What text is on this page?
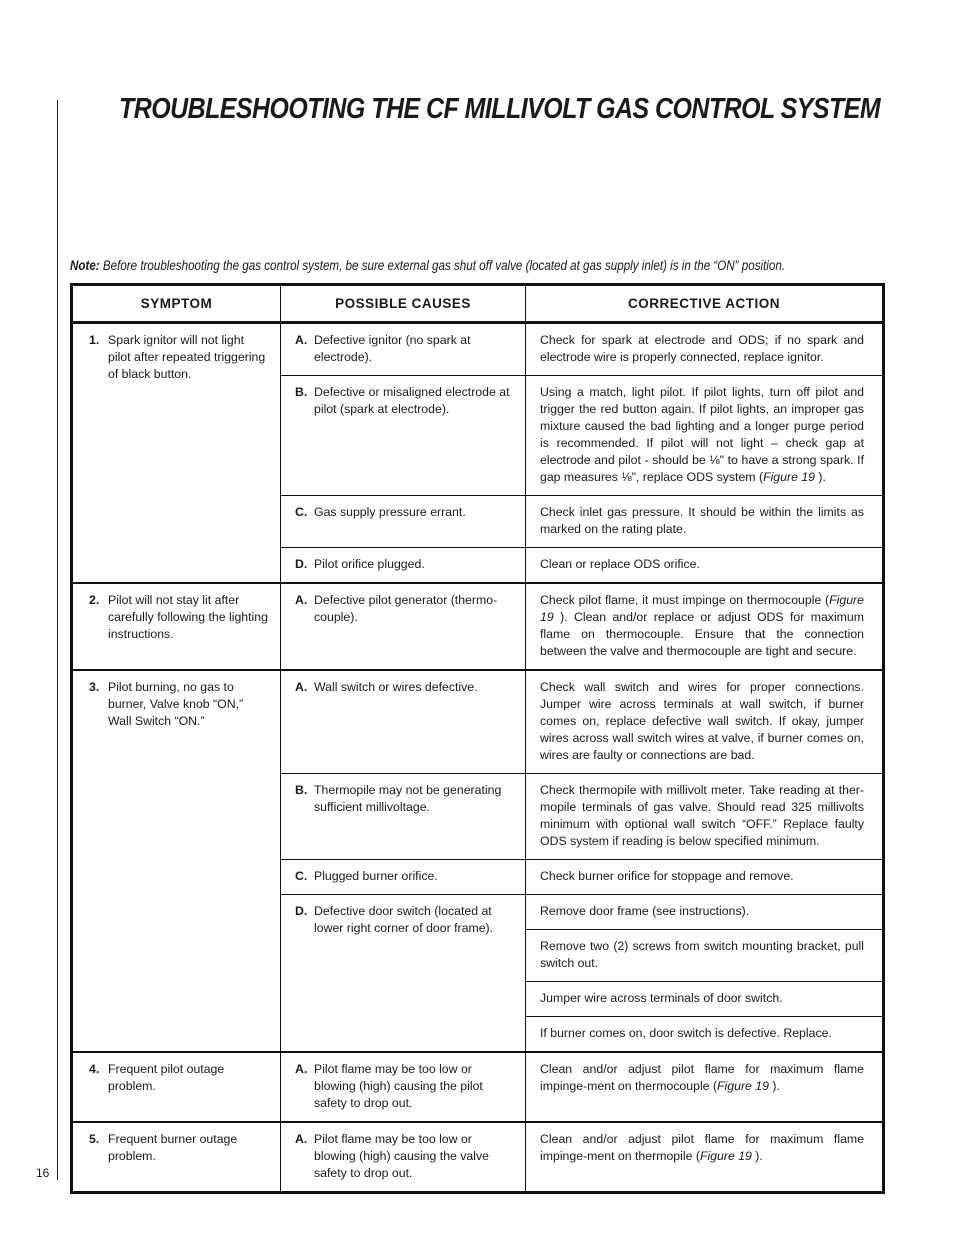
TROUBLESHOOTING THE CF MILLIVOLT GAS CONTROL SYSTEM
Note: Before troubleshooting the gas control system, be sure external gas shut off valve (located at gas supply inlet) is in the “ON” position.
SYMPTOM	POSSIBLE CAUSES	CORRECTIVE ACTION

1. Spark ignitor will not light pilot after repeated triggering of black button.	A. Defective ignitor (no spark at electrode).	Check for spark at electrode and ODS; if no spark and electrode wire is properly connected, replace ignitor.

	B. Defective or misaligned electrode at pilot (spark at electrode).	Using a match, light pilot. If pilot lights, turn off pilot and trigger the red button again. If pilot lights, an improper gas mixture caused the bad lighting and a longer purge period is recommended. If pilot will not light – check gap at electrode and pilot - should be ⅛" to have a strong spark. If gap measures ⅛", replace ODS system (Figure 19 ).

	C. Gas supply pressure errant.	Check inlet gas pressure. It should be within the limits as marked on the rating plate.

	D. Pilot orifice plugged.	Clean or replace ODS orifice.

2. Pilot will not stay lit after carefully following the lighting instructions.	A. Defective pilot generator (thermo-couple).	Check pilot flame, it must impinge on thermocouple (Figure 19 ). Clean and/or replace or adjust ODS for maximum flame on thermocouple. Ensure that the connection between the valve and thermocouple are tight and secure.

3. Pilot burning, no gas to burner, Valve knob “ON,” Wall Switch “ON.”	A. Wall switch or wires defective.	Check wall switch and wires for proper connections. Jumper wire across terminals at wall switch, if burner comes on, replace defective wall switch. If okay, jumper wires across wall switch wires at valve, if burner comes on, wires are faulty or connections are bad.

	B. Thermopile may not be generating sufficient millivoltage.	Check thermopile with millivolt meter. Take reading at ther-mopile terminals of gas valve. Should read 325 millivolts minimum with optional wall switch “OFF.” Replace faulty ODS system if reading is below specified minimum.

	C. Plugged burner orifice.	Check burner orifice for stoppage and remove.

	D. Defective door switch (located at lower right corner of door frame).	Remove door frame (see instructions).
		Remove two (2) screws from switch mounting bracket, pull switch out.
		Jumper wire across terminals of door switch.
		If burner comes on, door switch is defective. Replace.

4. Frequent pilot outage problem.	A. Pilot flame may be too low or blowing (high) causing the pilot safety to drop out.	Clean and/or adjust pilot flame for maximum flame impinge-ment on thermocouple (Figure 19 ).

5. Frequent burner outage problem.	A. Pilot flame may be too low or blowing (high) causing the valve safety to drop out.	Clean and/or adjust pilot flame for maximum flame impinge-ment on thermopile (Figure 19 ).
16
